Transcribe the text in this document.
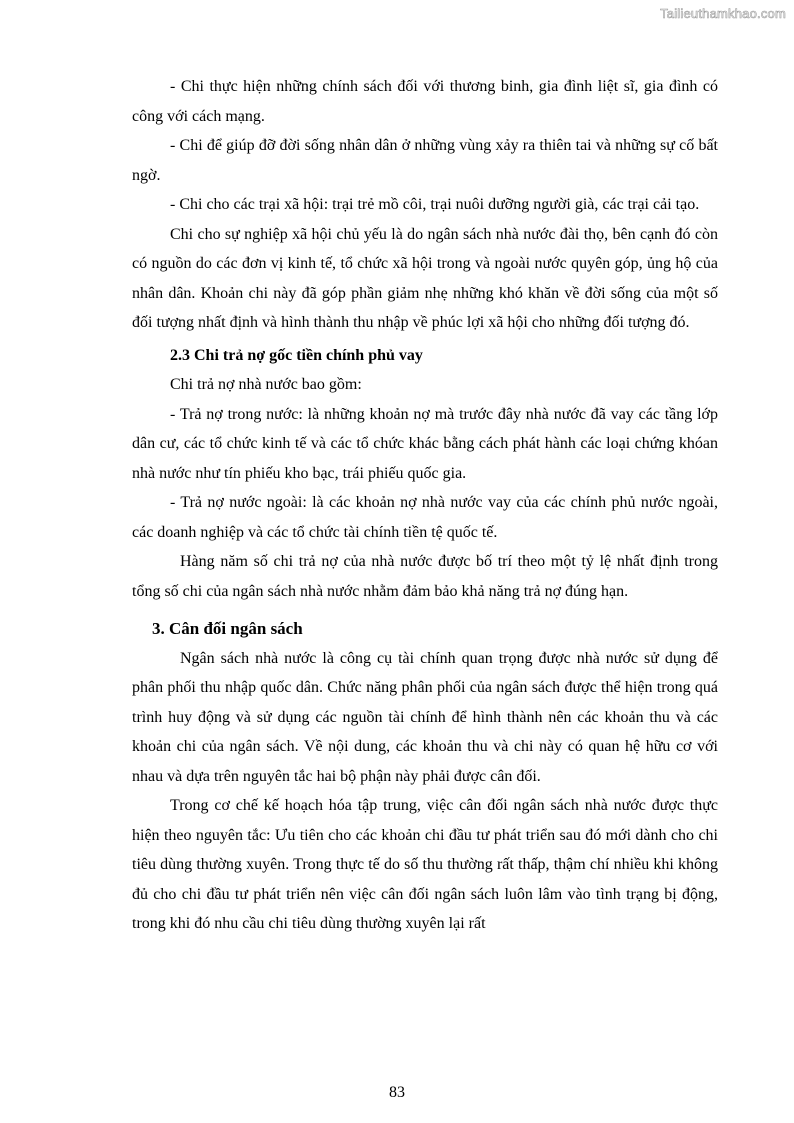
Tailieuthamkhao.com

- Chi thực hiện những chính sách đối với thương binh, gia đình liệt sĩ, gia đình có công với cách mạng.

- Chi để giúp đỡ đời sống nhân dân ở những vùng xảy ra thiên tai và những sự cố bất ngờ.

- Chi cho các trại xã hội: trại trẻ mồ côi, trại nuôi dưỡng người già, các trại cải tạo.

Chi cho sự nghiệp xã hội chủ yếu là do ngân sách nhà nước đài thọ, bên cạnh đó còn có nguồn do các đơn vị kinh tế, tổ chức xã hội trong và ngoài nước quyên góp, ủng hộ của nhân dân. Khoản chi này đã góp phần giảm nhẹ những khó khăn về đời sống của một số đối tượng nhất định và hình thành thu nhập về phúc lợi xã hội cho những đối tượng đó.

2.3 Chi trả nợ gốc tiền chính phủ vay

Chi trả nợ nhà nước bao gồm:

- Trả nợ trong nước: là những khoản nợ mà trước đây nhà nước đã vay các tầng lớp dân cư, các tổ chức kinh tế và các tổ chức khác bằng cách phát hành các loại chứng khóan nhà nước như tín phiếu kho bạc, trái phiếu quốc gia.

- Trả nợ nước ngoài: là các khoản nợ nhà nước vay của các chính phủ nước ngoài, các doanh nghiệp và các tổ chức tài chính tiền tệ quốc tế.

Hàng năm số chi trả nợ của nhà nước được bố trí theo một tỷ lệ nhất định trong tổng số chi của ngân sách nhà nước nhằm đảm bảo khả năng trả nợ đúng hạn.

3. Cân đối ngân sách

Ngân sách nhà nước là công cụ tài chính quan trọng được nhà nước sử dụng để phân phối thu nhập quốc dân. Chức năng phân phối của ngân sách được thể hiện trong quá trình huy động và sử dụng các nguồn tài chính để hình thành nên các khoản thu và các khoản chi của ngân sách. Về nội dung, các khoản thu và chi này có quan hệ hữu cơ với nhau và dựa trên nguyên tắc hai bộ phận này phải được cân đối.

Trong cơ chế kế hoạch hóa tập trung, việc cân đối ngân sách nhà nước được thực hiện theo nguyên tắc: Ưu tiên cho các khoản chi đầu tư phát triển sau đó mới dành cho chi tiêu dùng thường xuyên. Trong thực tế do số thu thường rất thấp, thậm chí nhiều khi không đủ cho chi đầu tư phát triển nên việc cân đối ngân sách luôn lâm vào tình trạng bị động, trong khi đó nhu cầu chi tiêu dùng thường xuyên lại rất

83
